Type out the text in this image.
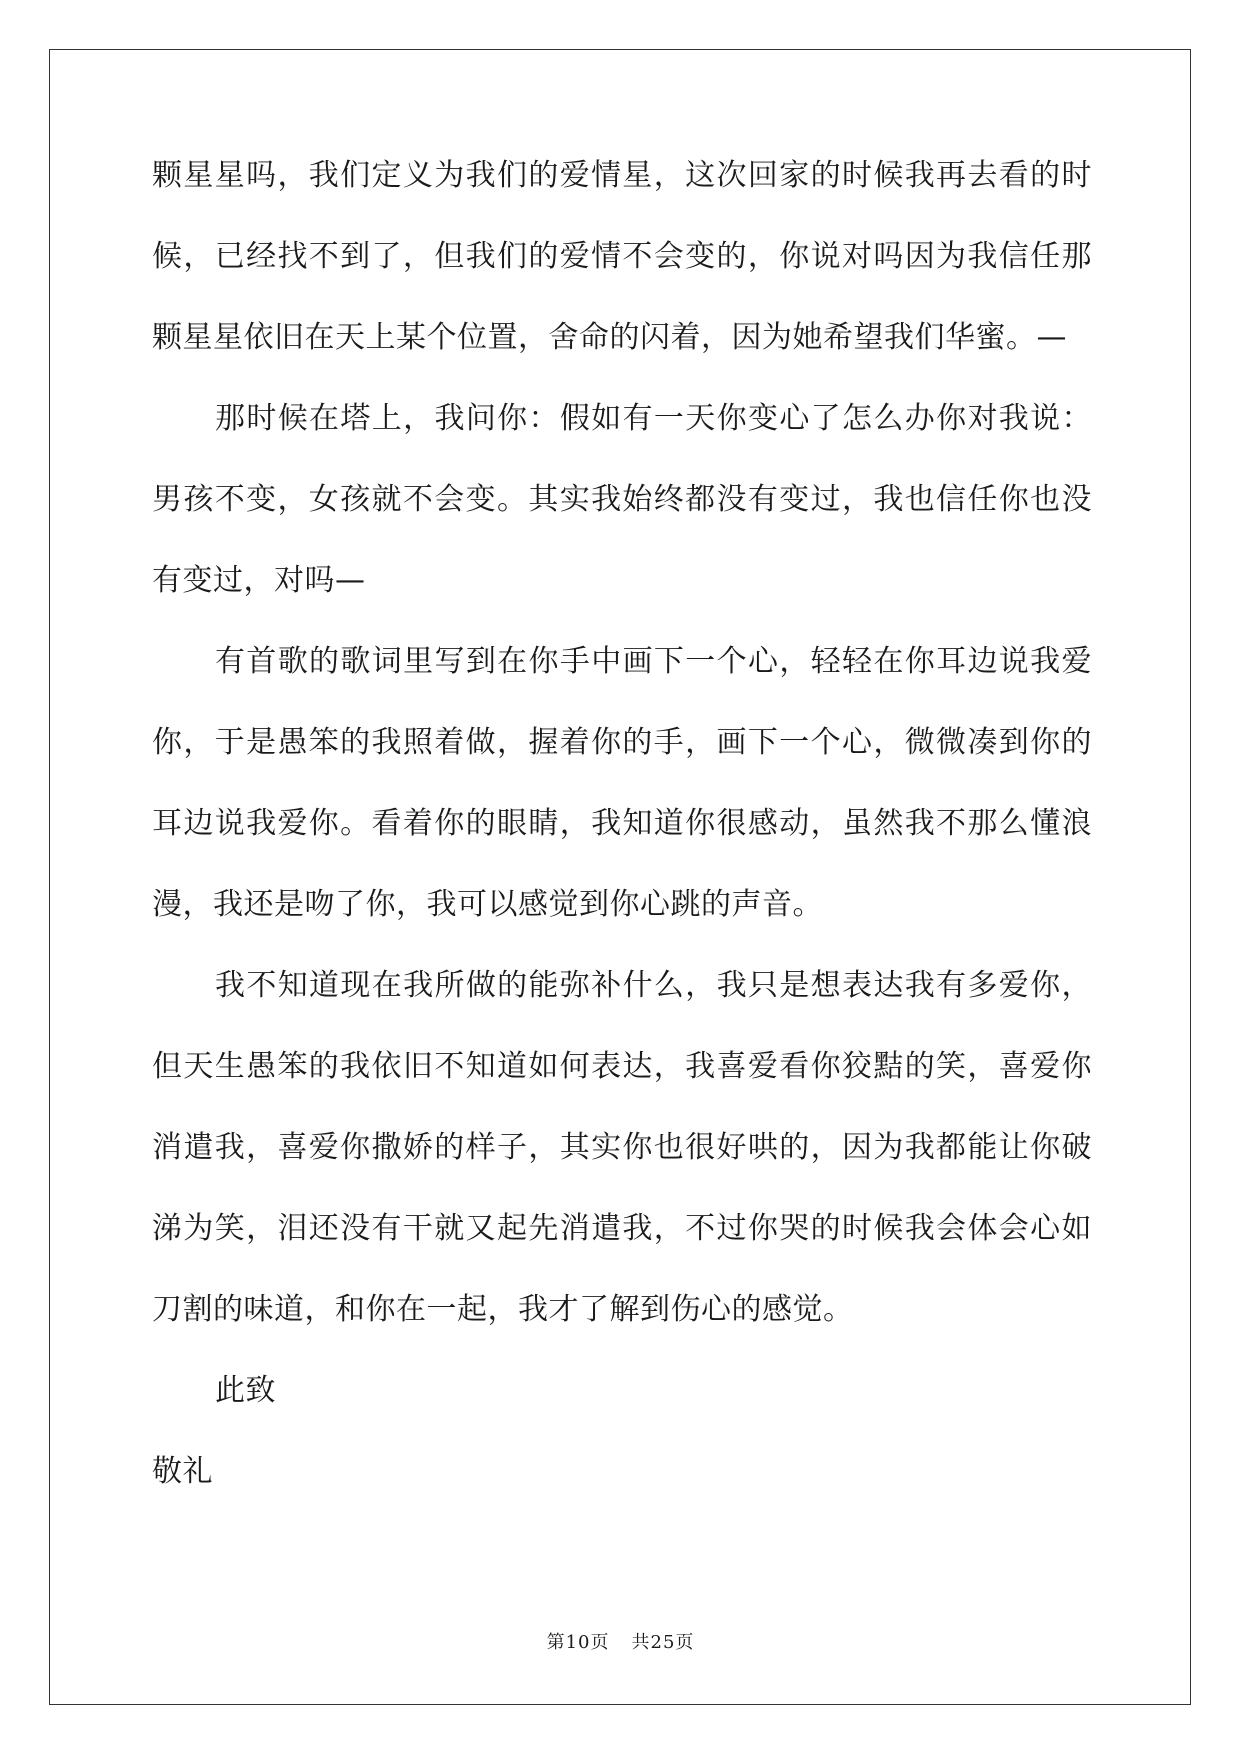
颗星星吗，我们定义为我们的爱情星，这次回家的时候我再去看的时
候，已经找不到了，但我们的爱情不会变的，你说对吗因为我信任那
颗星星依旧在天上某个位置，舍命的闪着，因为她希望我们华蜜。—
那时候在塔上，我问你：假如有一天你变心了怎么办你对我说：
男孩不变，女孩就不会变。其实我始终都没有变过，我也信任你也没
有变过，对吗—
有首歌的歌词里写到在你手中画下一个心，轻轻在你耳边说我爱
你，于是愚笨的我照着做，握着你的手，画下一个心，微微凑到你的
耳边说我爱你。看着你的眼睛，我知道你很感动，虽然我不那么懂浪
漫，我还是吻了你，我可以感觉到你心跳的声音。
我不知道现在我所做的能弥补什么，我只是想表达我有多爱你，
但天生愚笨的我依旧不知道如何表达，我喜爱看你狡黠的笑，喜爱你
消遣我，喜爱你撒娇的样子，其实你也很好哄的，因为我都能让你破
涕为笑，泪还没有干就又起先消遣我，不过你哭的时候我会体会心如
刀割的味道，和你在一起，我才了解到伤心的感觉。
此致
敬礼
第10页 共25页
